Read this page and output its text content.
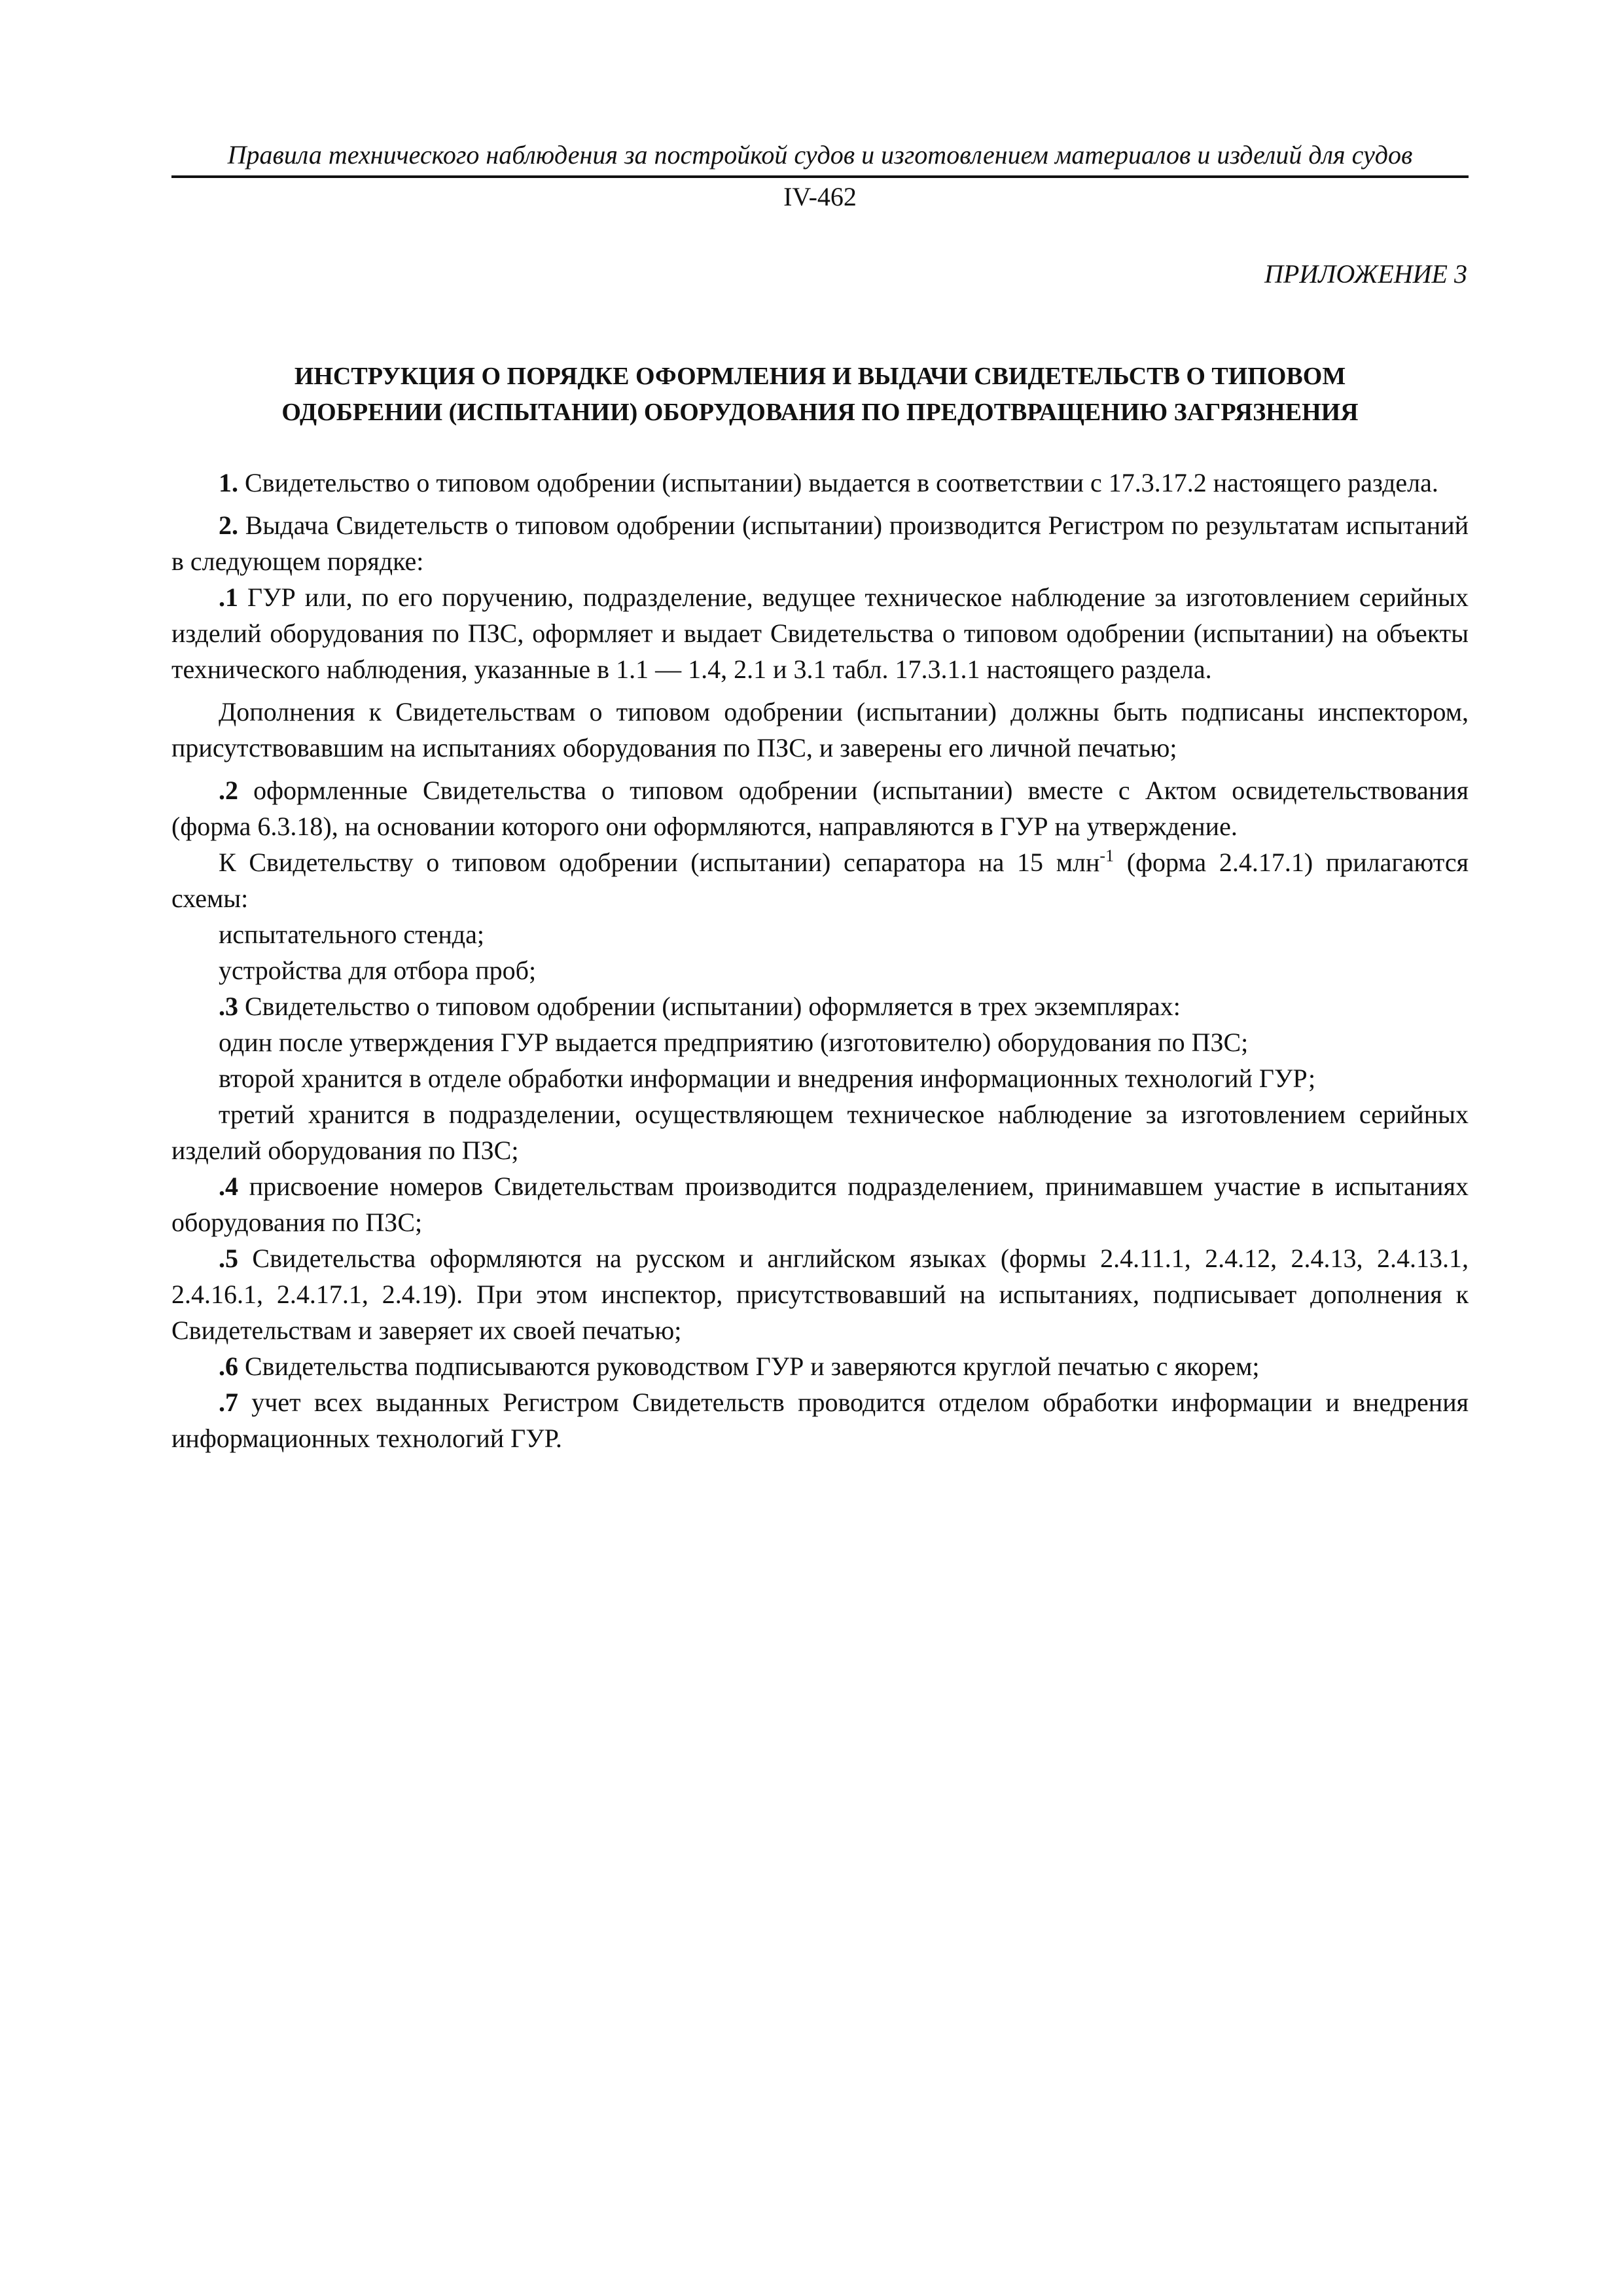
Правила технического наблюдения за постройкой судов и изготовлением материалов и изделий для судов
IV-462
ПРИЛОЖЕНИЕ 3
ИНСТРУКЦИЯ О ПОРЯДКЕ ОФОРМЛЕНИЯ И ВЫДАЧИ СВИДЕТЕЛЬСТВ О ТИПОВОМ
ОДОБРЕНИИ (ИСПЫТАНИИ) ОБОРУДОВАНИЯ ПО ПРЕДОТВРАЩЕНИЮ ЗАГРЯЗНЕНИЯ

1. Свидетельство о типовом одобрении (испытании) выдается в соответствии с 17.3.17.2 настоящего раздела.

2. Выдача Свидетельств о типовом одобрении (испытании) производится Регистром по результатам испытаний в следующем порядке:

.1 ГУР или, по его поручению, подразделение, ведущее техническое наблюдение за изготовлением серийных изделий оборудования по ПЗС, оформляет и выдает Свидетельства о типовом одобрении (испытании) на объекты технического наблюдения, указанные в 1.1 — 1.4, 2.1 и 3.1 табл. 17.3.1.1 настоящего раздела.

Дополнения к Свидетельствам о типовом одобрении (испытании) должны быть подписаны инспектором, присутствовавшим на испытаниях оборудования по ПЗС, и заверены его личной печатью;

.2 оформленные Свидетельства о типовом одобрении (испытании) вместе с Актом освидетельствования (форма 6.3.18), на основании которого они оформляются, направляются в ГУР на утверждение.

К Свидетельству о типовом одобрении (испытании) сепаратора на 15 млн$^{-1}$ (форма 2.4.17.1) прилагаются схемы:

испытательного стенда;

устройства для отбора проб;

.3 Свидетельство о типовом одобрении (испытании) оформляется в трех экземплярах:

один после утверждения ГУР выдается предприятию (изготовителю) оборудования по ПЗС;

второй хранится в отделе обработки информации и внедрения информационных технологий ГУР;

третий хранится в подразделении, осуществляющем техническое наблюдение за изготовлением серийных изделий оборудования по ПЗС;

.4 присвоение номеров Свидетельствам производится подразделением, принимавшем участие в испытаниях оборудования по ПЗС;

.5 Свидетельства оформляются на русском и английском языках (формы 2.4.11.1, 2.4.12, 2.4.13, 2.4.13.1, 2.4.16.1, 2.4.17.1, 2.4.19). При этом инспектор, присутствовавший на испытаниях, подписывает дополнения к Свидетельствам и заверяет их своей печатью;

.6 Свидетельства подписываются руководством ГУР и заверяются круглой печатью с якорем;

.7 учет всех выданных Регистром Свидетельств проводится отделом обработки информации и внедрения информационных технологий ГУР.
